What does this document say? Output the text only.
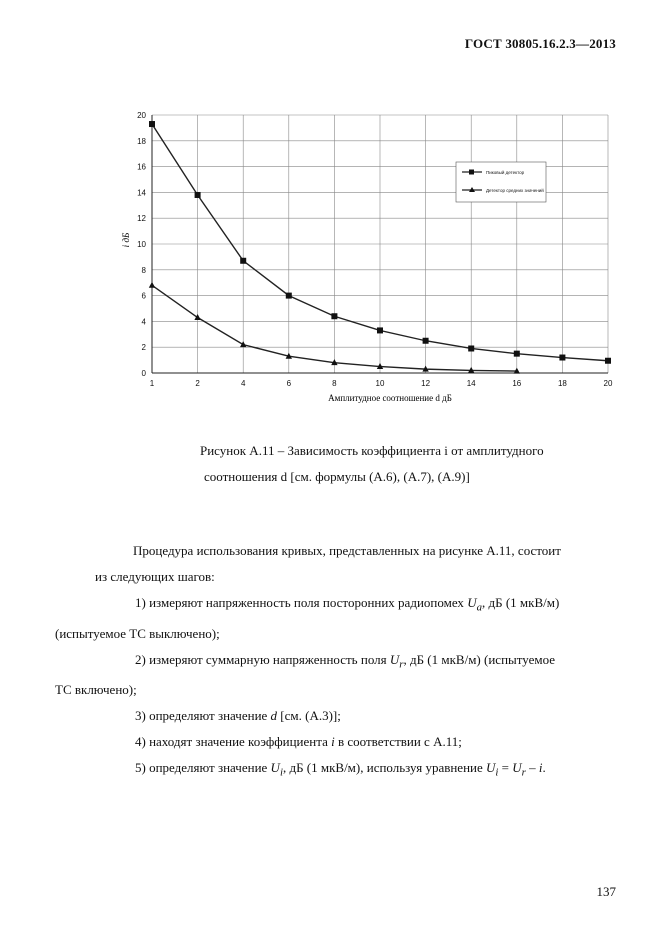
ГОСТ 30805.16.2.3—2013
0
2
4
6
8
10
12
14
16
18
20
1	2	4	6	8	10	12	14	16	18	20
i дБ
Амплитудное соотношение d дБ
Пиковый детектор
Детектор средних значений
Рисунок А.11 – Зависимость коэффициента i от амплитудного
соотношения d [см. формулы (А.6), (А.7), (А.9)]

Процедура использования кривых, представленных на рисунке А.11, состоит
из следующих шагов:

1) измеряют напряженность поля посторонних радиопомех $U_a$, дБ (1 мкВ/м)
(испытуемое ТС выключено);

2) измеряют суммарную напряженность поля $U_r$, дБ (1 мкВ/м) (испытуемое
ТС включено);

3) определяют значение d [см. (А.3)];

4) находят значение коэффициента i в соответствии с А.11;

5) определяют значение $U_i$, дБ (1 мкВ/м), используя уравнение $U_i = U_r - i$.

137
